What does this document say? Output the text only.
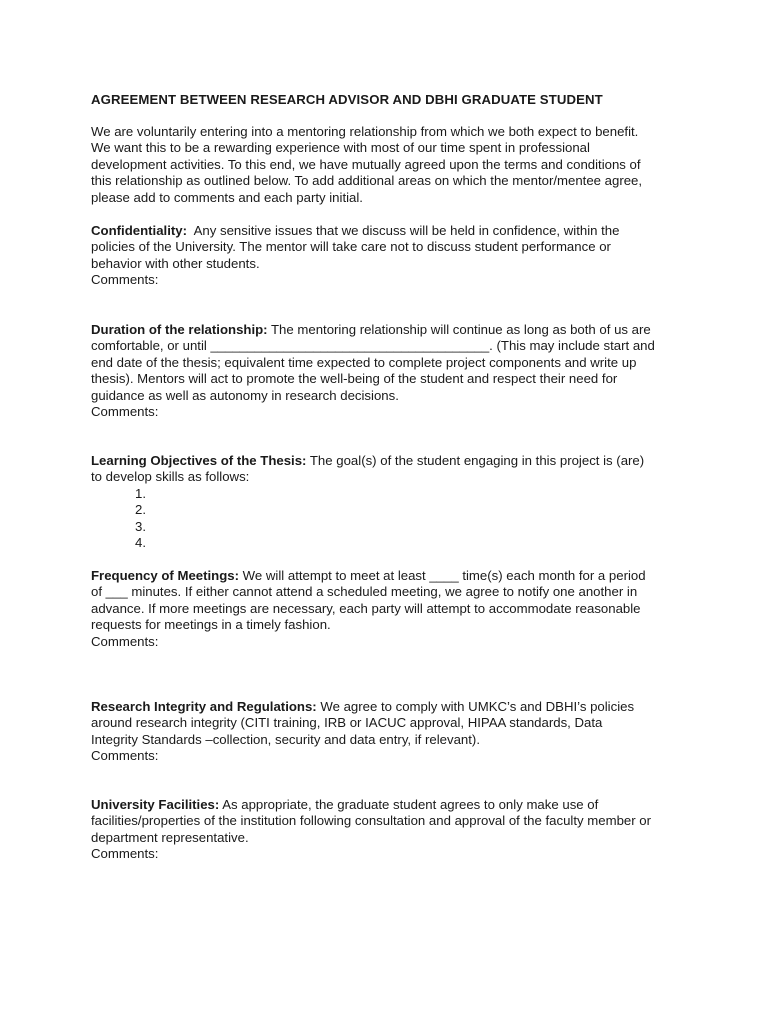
AGREEMENT BETWEEN RESEARCH ADVISOR AND DBHI GRADUATE STUDENT
We are voluntarily entering into a mentoring relationship from which we both expect to benefit.
We want this to be a rewarding experience with most of our time spent in professional
development activities. To this end, we have mutually agreed upon the terms and conditions of
this relationship as outlined below. To add additional areas on which the mentor/mentee agree,
please add to comments and each party initial.
Confidentiality:  Any sensitive issues that we discuss will be held in confidence, within the
policies of the University. The mentor will take care not to discuss student performance or
behavior with other students.
Comments:
Duration of the relationship: The mentoring relationship will continue as long as both of us are
comfortable, or until ______________________________________. (This may include start and
end date of the thesis; equivalent time expected to complete project components and write up
thesis). Mentors will act to promote the well-being of the student and respect their need for
guidance as well as autonomy in research decisions.
Comments:
Learning Objectives of the Thesis: The goal(s) of the student engaging in this project is (are)
to develop skills as follows:
1.
2.
3.
4.
Frequency of Meetings: We will attempt to meet at least ____ time(s) each month for a period
of ___ minutes. If either cannot attend a scheduled meeting, we agree to notify one another in
advance. If more meetings are necessary, each party will attempt to accommodate reasonable
requests for meetings in a timely fashion.
Comments:
Research Integrity and Regulations: We agree to comply with UMKC’s and DBHI’s policies
around research integrity (CITI training, IRB or IACUC approval, HIPAA standards, Data
Integrity Standards –collection, security and data entry, if relevant).
Comments:
University Facilities: As appropriate, the graduate student agrees to only make use of
facilities/properties of the institution following consultation and approval of the faculty member or
department representative.
Comments:
